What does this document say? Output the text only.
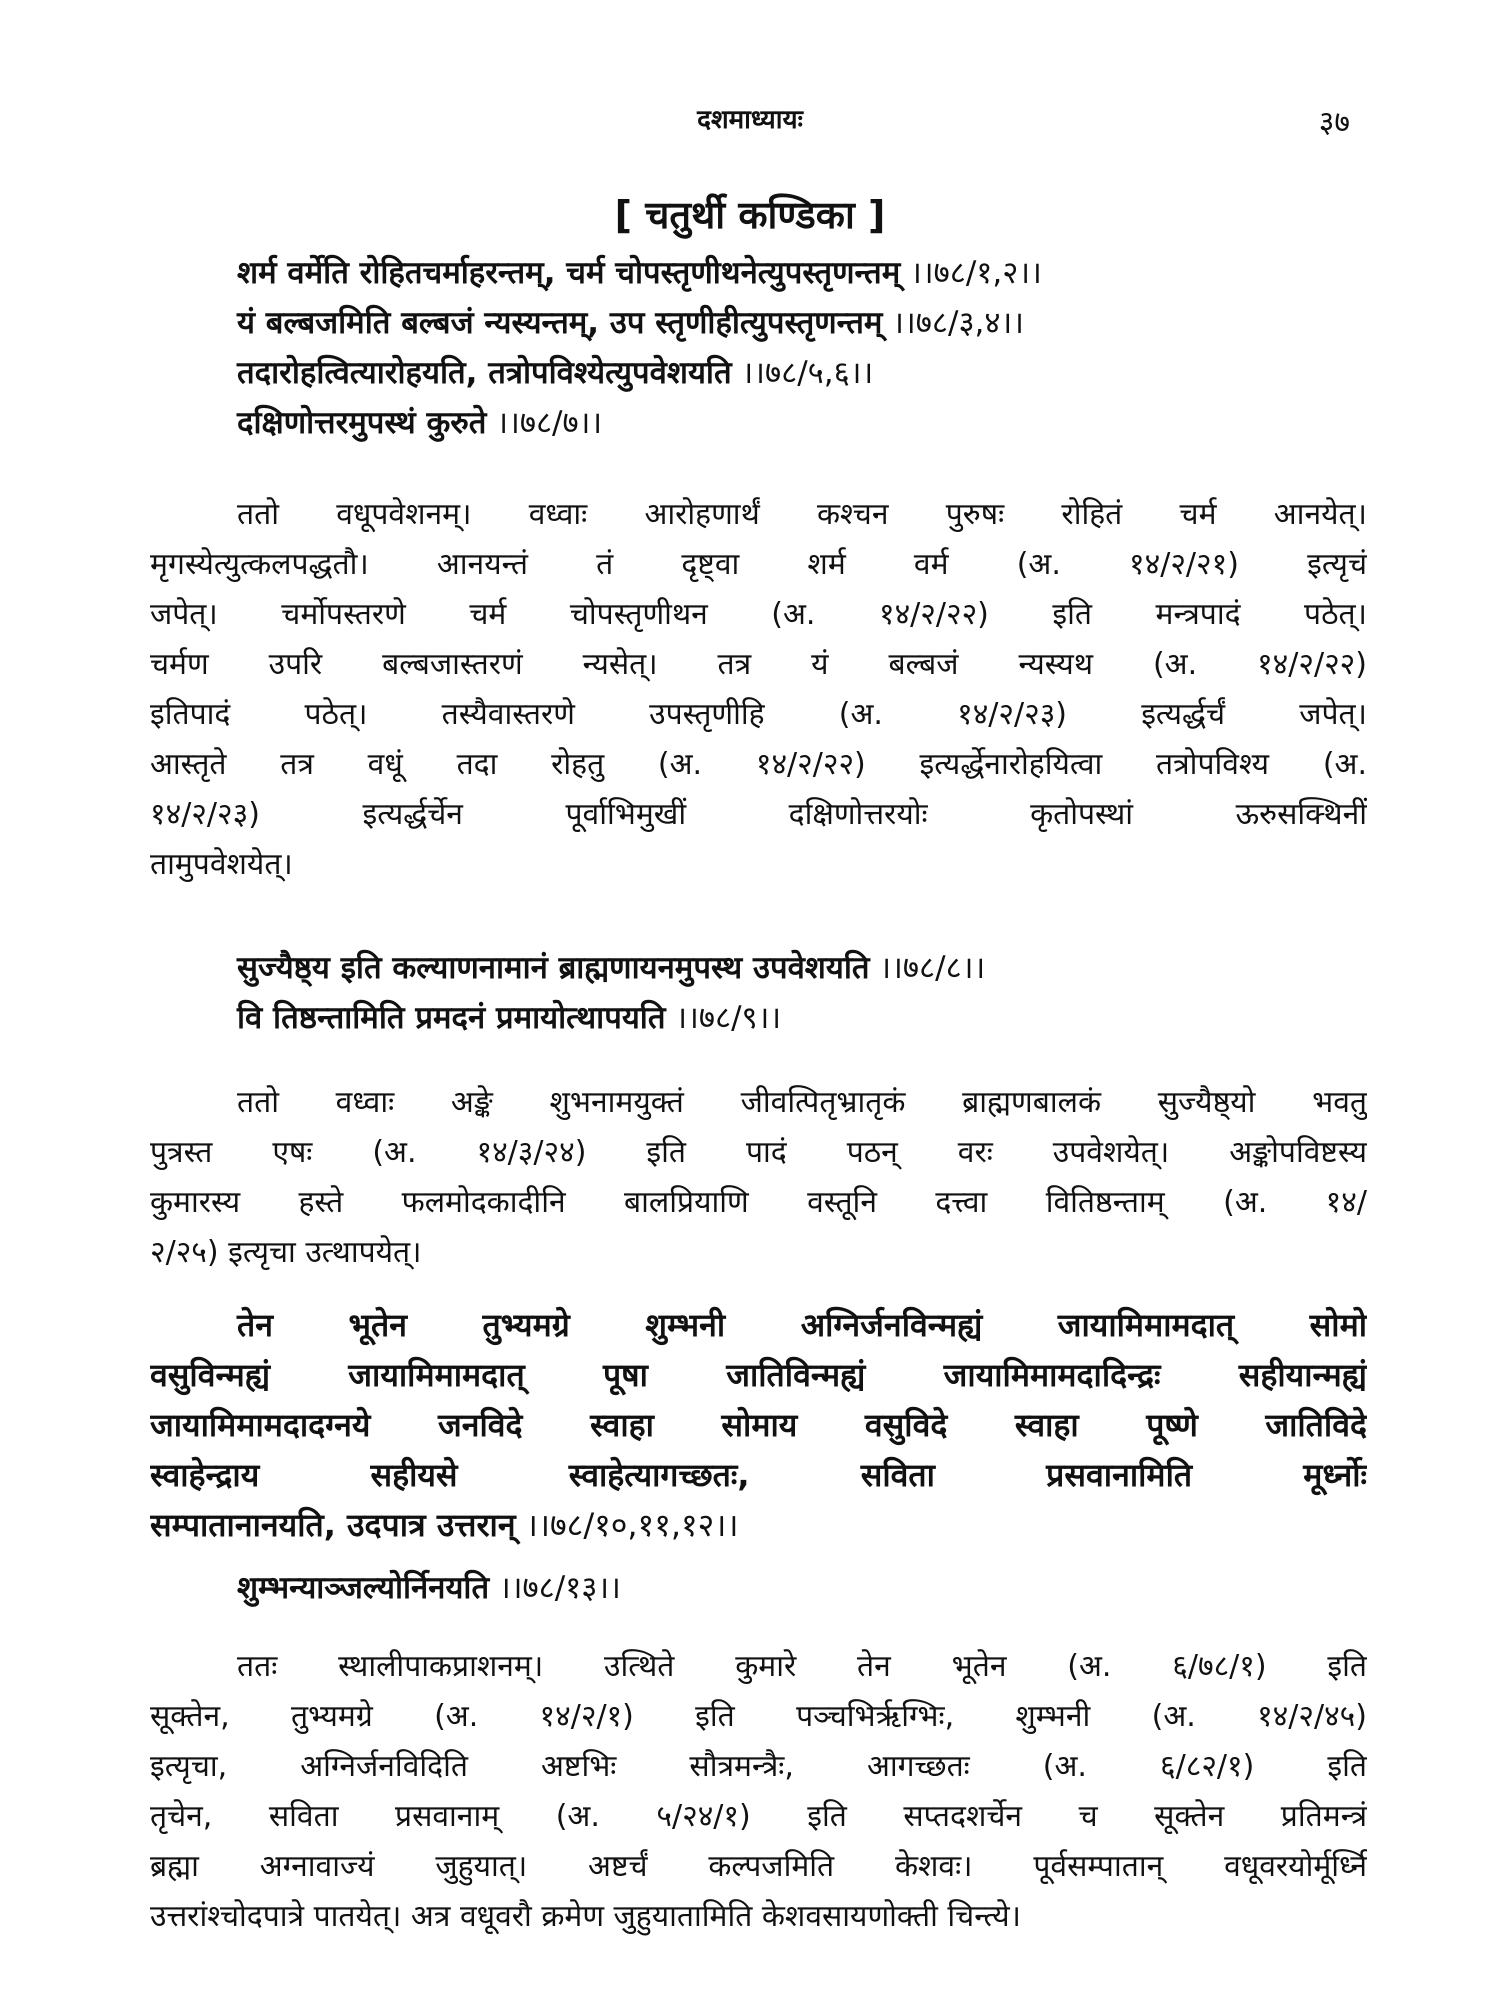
दशमाध्यायः	३७
[ चतुर्थी कण्डिका ]
शर्म वर्मेति रोहितचर्माहरन्तम्, चर्म चोपस्तृणीथनेत्युपस्तृणन्तम् ।।७८/१,२।।
यं बल्बजमिति बल्बजं न्यस्यन्तम्, उप स्तृणीहीत्युपस्तृणन्तम् ।।७८/३,४।।
तदारोहत्वित्यारोहयति, तत्रोपविश्येत्युपवेशयति ।।७८/५,६।।
दक्षिणोत्तरमुपस्थं कुरुते ।।७८/७।।
ततो वधूपवेशनम्। वध्वाः आरोहणार्थं कश्चन पुरुषः रोहितं चर्म आनयेत्।
मृगस्येत्युत्कलपद्धतौ। आनयन्तं तं दृष्ट्वा शर्म वर्म (अ. १४/२/२१) इत्यृचं
जपेत्। चर्मोपस्तरणे चर्म चोपस्तृणीथन (अ. १४/२/२२) इति मन्त्रपादं पठेत्।
चर्मण उपरि बल्बजास्तरणं न्यसेत्। तत्र यं बल्बजं न्यस्यथ (अ. १४/२/२२)
इतिपादं पठेत्। तस्यैवास्तरणे उपस्तृणीहि (अ. १४/२/२३) इत्यर्द्धर्चं जपेत्।
आस्तृते तत्र वधूं तदा रोहतु (अ. १४/२/२२) इत्यर्द्धेनारोहयित्वा तत्रोपविश्य (अ.
१४/२/२३) इत्यर्द्धर्चेन पूर्वाभिमुखीं दक्षिणोत्तरयोः कृतोपस्थां ऊरुसक्थिनीं
तामुपवेशयेत्।
सुज्यैष्ठ्य इति कल्याणनामानं ब्राह्मणायनमुपस्थ उपवेशयति ।।७८/८।।
वि तिष्ठन्तामिति प्रमदनं प्रमायोत्थापयति ।।७८/९।।
ततो वध्वाः अङ्के शुभनामयुक्तं जीवत्पितृभ्रातृकं ब्राह्मणबालकं सुज्यैष्ठ्यो भवतु
पुत्रस्त एषः (अ. १४/३/२४) इति पादं पठन् वरः उपवेशयेत्। अङ्कोपविष्टस्य
कुमारस्य हस्ते फलमोदकादीनि बालप्रियाणि वस्तूनि दत्त्वा वितिष्ठन्ताम् (अ. १४/
२/२५) इत्यृचा उत्थापयेत्।
तेन भूतेन तुभ्यमग्रे शुम्भनी अग्निर्जनविन्मह्यं जायामिमामदात् सोमो
वसुविन्मह्यं जायामिमामदात् पूषा जातिविन्मह्यं जायामिमामदादिन्द्रः सहीयान्मह्यं
जायामिमामदादग्नये जनविदे स्वाहा सोमाय वसुविदे स्वाहा पूष्णे जातिविदे
स्वाहेन्द्राय सहीयसे स्वाहेत्यागच्छतः, सविता प्रसवानामिति मूर्ध्नोः
सम्पातानानयति, उदपात्र उत्तरान् ।।७८/१०,११,१२।।
शुम्भन्याञ्जल्योर्निनयति ।।७८/१३।।
ततः स्थालीपाकप्राशनम्। उत्थिते कुमारे तेन भूतेन (अ. ६/७८/१) इति
सूक्तेन, तुभ्यमग्रे (अ. १४/२/१) इति पञ्चभिर्ऋग्भिः, शुम्भनी (अ. १४/२/४५)
इत्यृचा, अग्निर्जनविदिति अष्टभिः सौत्रमन्त्रैः, आगच्छतः (अ. ६/८२/१) इति
तृचेन, सविता प्रसवानाम् (अ. ५/२४/१) इति सप्तदशर्चेन च सूक्तेन प्रतिमन्त्रं
ब्रह्मा अग्नावाज्यं जुहुयात्। अष्टर्चं कल्पजमिति केशवः। पूर्वसम्पातान् वधूवरयोर्मूर्ध्नि
उत्तरांश्चोदपात्रे पातयेत्। अत्र वधूवरौ क्रमेण जुहुयातामिति केशवसायणोक्ती चिन्त्ये।
